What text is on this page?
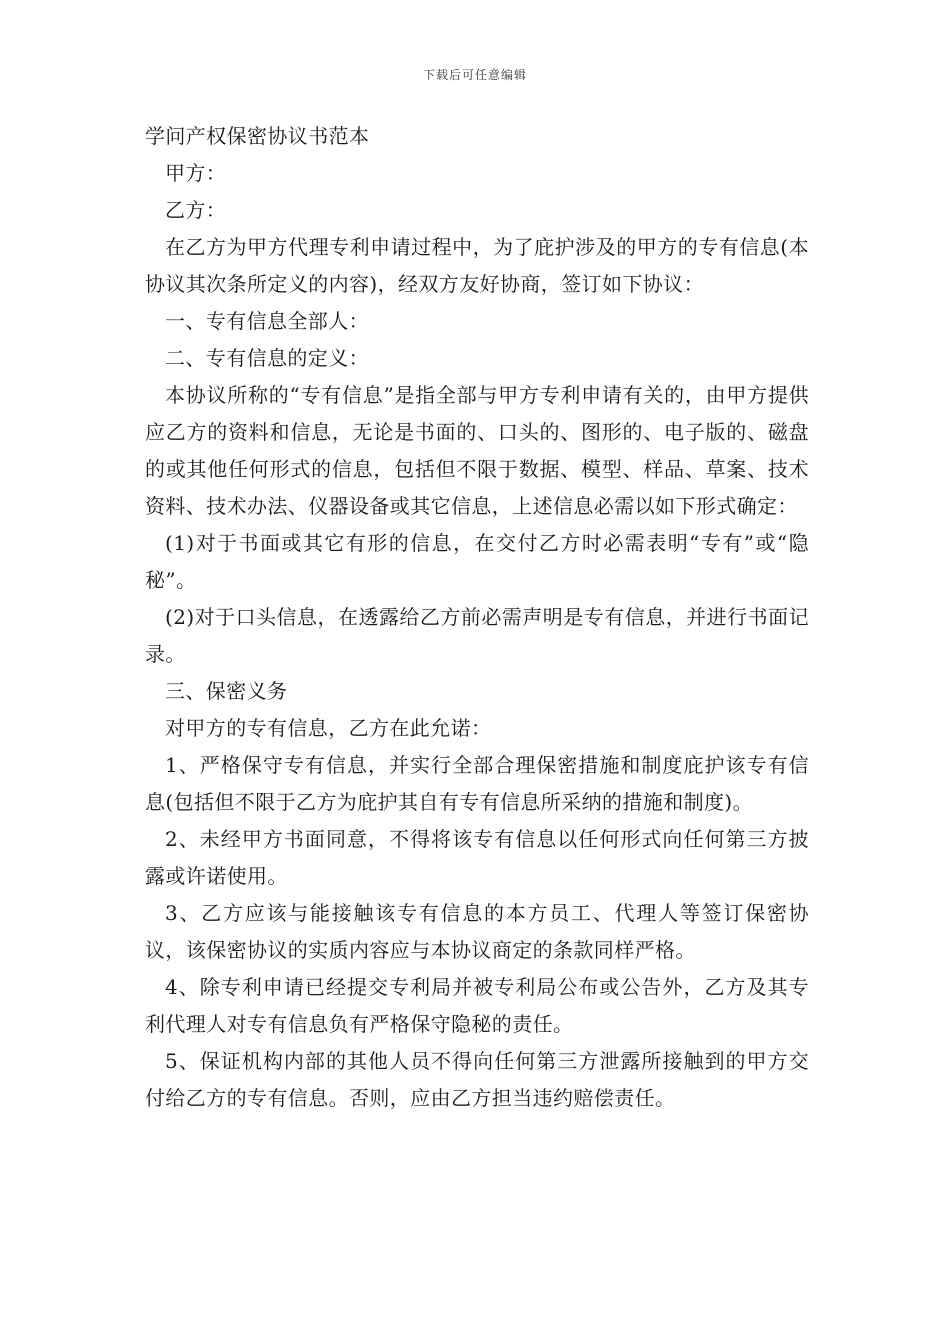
下载后可任意编辑

学问产权保密协议书范本

甲方：

乙方：

在乙方为甲方代理专利申请过程中，为了庇护涉及的甲方的专有信息(本协议其次条所定义的内容)，经双方友好协商，签订如下协议：

一、专有信息全部人：

二、专有信息的定义：

本协议所称的“专有信息”是指全部与甲方专利申请有关的，由甲方提供应乙方的资料和信息，无论是书面的、口头的、图形的、电子版的、磁盘的或其他任何形式的信息，包括但不限于数据、模型、样品、草案、技术资料、技术办法、仪器设备或其它信息，上述信息必需以如下形式确定：

(1)对于书面或其它有形的信息，在交付乙方时必需表明“专有”或“隐秘”。

(2)对于口头信息，在透露给乙方前必需声明是专有信息，并进行书面记录。

三、保密义务

对甲方的专有信息，乙方在此允诺：

1、严格保守专有信息，并实行全部合理保密措施和制度庇护该专有信息(包括但不限于乙方为庇护其自有专有信息所采纳的措施和制度)。

2、未经甲方书面同意，不得将该专有信息以任何形式向任何第三方披露或许诺使用。

3、乙方应该与能接触该专有信息的本方员工、代理人等签订保密协议，该保密协议的实质内容应与本协议商定的条款同样严格。

4、除专利申请已经提交专利局并被专利局公布或公告外，乙方及其专利代理人对专有信息负有严格保守隐秘的责任。

5、保证机构内部的其他人员不得向任何第三方泄露所接触到的甲方交付给乙方的专有信息。否则，应由乙方担当违约赔偿责任。
